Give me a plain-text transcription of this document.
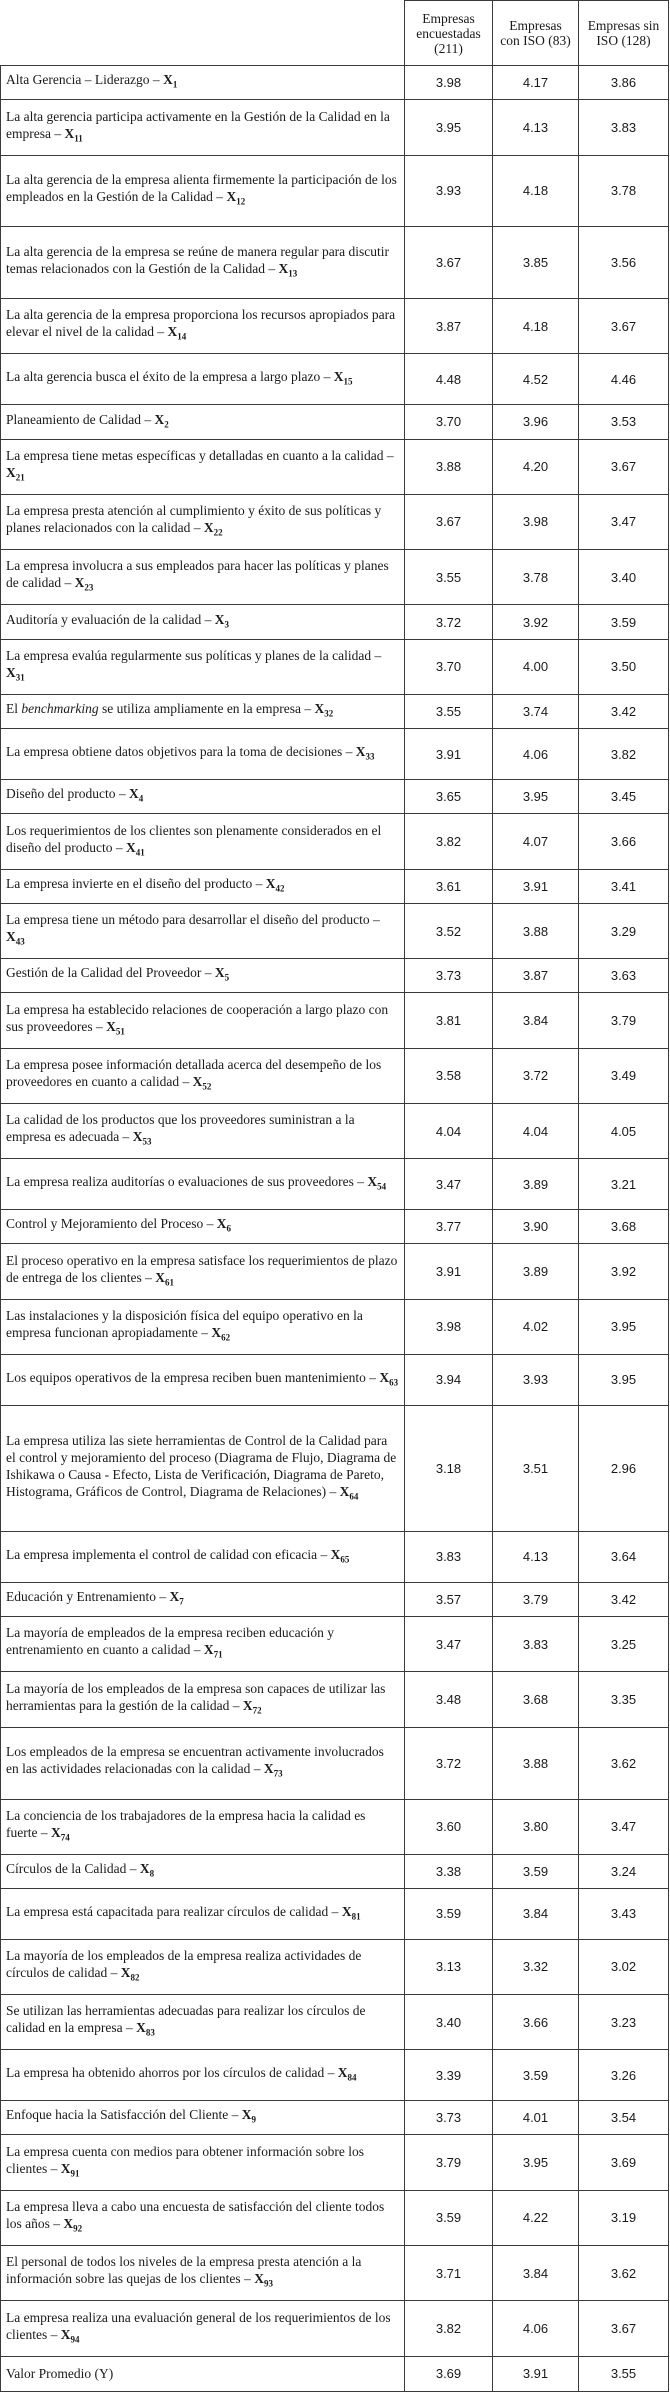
	Empresas encuestadas (211)	Empresas con ISO (83)	Empresas sin ISO (128)
Alta Gerencia – Liderazgo – $X_1$	3.98	4.17	3.86
La alta gerencia participa activamente en la Gestión de la Calidad en la empresa – $X_{11}$	3.95	4.13	3.83
La alta gerencia de la empresa alienta firmemente la participación de los empleados en la Gestión de la Calidad – $X_{12}$	3.93	4.18	3.78
La alta gerencia de la empresa se reúne de manera regular para discutir temas relacionados con la Gestión de la Calidad – $X_{13}$	3.67	3.85	3.56
La alta gerencia de la empresa proporciona los recursos apropiados para elevar el nivel de la calidad – $X_{14}$	3.87	4.18	3.67
La alta gerencia busca el éxito de la empresa a largo plazo – $X_{15}$	4.48	4.52	4.46
Planeamiento de Calidad – $X_2$	3.70	3.96	3.53
La empresa tiene metas específicas y detalladas en cuanto a la calidad – $X_{21}$	3.88	4.20	3.67
La empresa presta atención al cumplimiento y éxito de sus políticas y planes relacionados con la calidad – $X_{22}$	3.67	3.98	3.47
La empresa involucra a sus empleados para hacer las políticas y planes de calidad – $X_{23}$	3.55	3.78	3.40
Auditoría y evaluación de la calidad – $X_3$	3.72	3.92	3.59
La empresa evalúa regularmente sus políticas y planes de la calidad – $X_{31}$	3.70	4.00	3.50
El benchmarking se utiliza ampliamente en la empresa – $X_{32}$	3.55	3.74	3.42
La empresa obtiene datos objetivos para la toma de decisiones – $X_{33}$	3.91	4.06	3.82
Diseño del producto – $X_4$	3.65	3.95	3.45
Los requerimientos de los clientes son plenamente considerados en el diseño del producto – $X_{41}$	3.82	4.07	3.66
La empresa invierte en el diseño del producto – $X_{42}$	3.61	3.91	3.41
La empresa tiene un método para desarrollar el diseño del producto – $X_{43}$	3.52	3.88	3.29
Gestión de la Calidad del Proveedor – $X_5$	3.73	3.87	3.63
La empresa ha establecido relaciones de cooperación a largo plazo con sus proveedores – $X_{51}$	3.81	3.84	3.79
La empresa posee información detallada acerca del desempeño de los proveedores en cuanto a calidad – $X_{52}$	3.58	3.72	3.49
La calidad de los productos que los proveedores suministran a la empresa es adecuada – $X_{53}$	4.04	4.04	4.05
La empresa realiza auditorías o evaluaciones de sus proveedores – $X_{54}$	3.47	3.89	3.21
Control y Mejoramiento del Proceso – $X_6$	3.77	3.90	3.68
El proceso operativo en la empresa satisface los requerimientos de plazo de entrega de los clientes – $X_{61}$	3.91	3.89	3.92
Las instalaciones y la disposición física del equipo operativo en la empresa funcionan apropiadamente – $X_{62}$	3.98	4.02	3.95
Los equipos operativos de la empresa reciben buen mantenimiento – $X_{63}$	3.94	3.93	3.95
La empresa utiliza las siete herramientas de Control de la Calidad para el control y mejoramiento del proceso (Diagrama de Flujo, Diagrama de Ishikawa o Causa - Efecto, Lista de Verificación, Diagrama de Pareto, Histograma, Gráficos de Control, Diagrama de Relaciones) – $X_{64}$	3.18	3.51	2.96
La empresa implementa el control de calidad con eficacia – $X_{65}$	3.83	4.13	3.64
Educación y Entrenamiento – $X_7$	3.57	3.79	3.42
La mayoría de empleados de la empresa reciben educación y entrenamiento en cuanto a calidad – $X_{71}$	3.47	3.83	3.25
La mayoría de los empleados de la empresa son capaces de utilizar las herramientas para la gestión de la calidad – $X_{72}$	3.48	3.68	3.35
Los empleados de la empresa se encuentran activamente involucrados en las actividades relacionadas con la calidad – $X_{73}$	3.72	3.88	3.62
La conciencia de los trabajadores de la empresa hacia la calidad es fuerte – $X_{74}$	3.60	3.80	3.47
Círculos de la Calidad – $X_8$	3.38	3.59	3.24
La empresa está capacitada para realizar círculos de calidad – $X_{81}$	3.59	3.84	3.43
La mayoría de los empleados de la empresa realiza actividades de círculos de calidad – $X_{82}$	3.13	3.32	3.02
Se utilizan las herramientas adecuadas para realizar los círculos de calidad en la empresa – $X_{83}$	3.40	3.66	3.23
La empresa ha obtenido ahorros por los círculos de calidad – $X_{84}$	3.39	3.59	3.26
Enfoque hacia la Satisfacción del Cliente – $X_9$	3.73	4.01	3.54
La empresa cuenta con medios para obtener información sobre los clientes – $X_{91}$	3.79	3.95	3.69
La empresa lleva a cabo una encuesta de satisfacción del cliente todos los años – $X_{92}$	3.59	4.22	3.19
El personal de todos los niveles de la empresa presta atención a la información sobre las quejas de los clientes – $X_{93}$	3.71	3.84	3.62
La empresa realiza una evaluación general de los requerimientos de los clientes – $X_{94}$	3.82	4.06	3.67
Valor Promedio (Y)	3.69	3.91	3.55
